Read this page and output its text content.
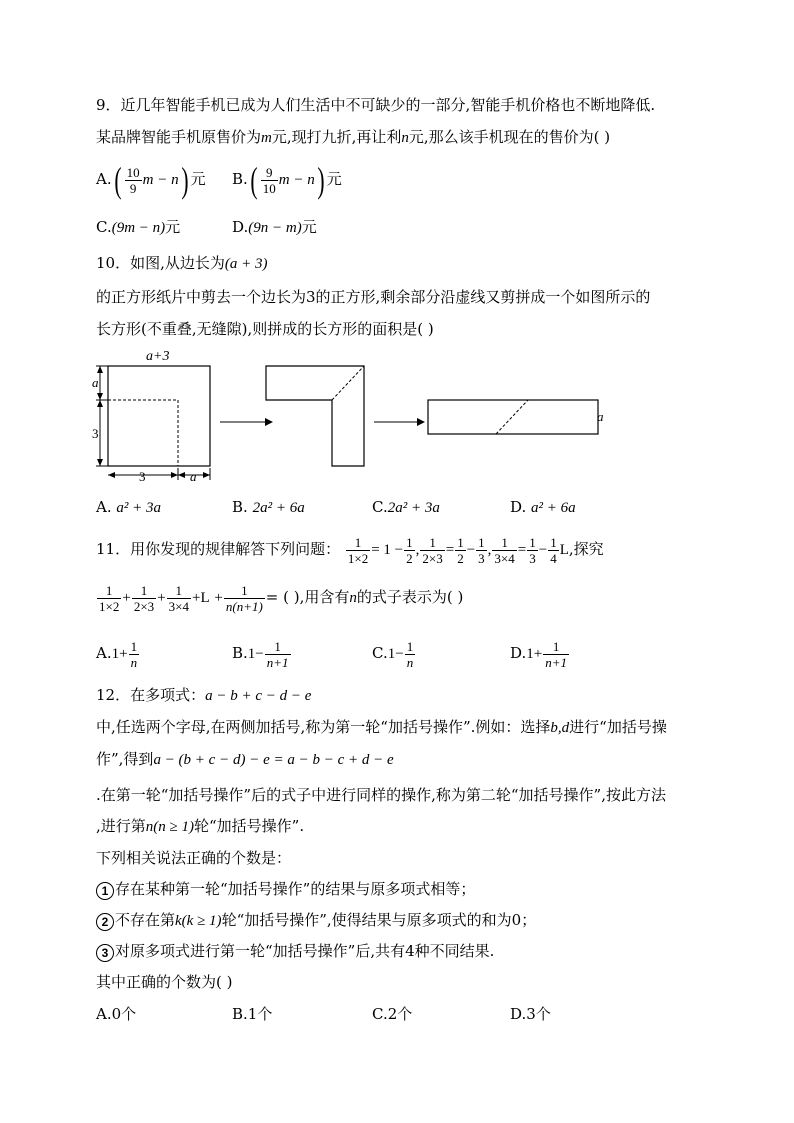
9．近几年智能手机已成为人们生活中不可缺少的一部分,智能手机价格也不断地降低.
某品牌智能手机原售价为m元,现打九折,再让利n元,那么该手机现在的售价为( )
$A.( \frac{10}{9}$ m − n) 元 $B.( \frac{9}{10}$ m − n) 元
C.(9m − n)元	D.(9n − m)元
10．如图,从边长为(a + 3)
的正方形纸片中剪去一个边长为3的正方形,剩余部分沿虚线又剪拼成一个如图所示的
长方形(不重叠,无缝隙),则拼成的长方形的面积是( )
a+3
a
3
3	a
a
A. a² + 3a	B. 2a² + 6a	C.2a² + 3a	D. a² + 6a
11．用你发现的规律解答下列问题： $\frac{1}{1\times 2} = 1 - \frac{1}{2}$ , $\frac{1}{2\times 3} = \frac{1}{2} - \frac{1}{3}$ , $\frac{1}{3\times 4} = \frac{1}{3} - \frac{1}{4} L$,探究
$\frac{1}{1\times 2} + \frac{1}{2\times 3} + \frac{1}{3\times 4} +L + \frac{1}{n(n+1)}$ = ( ),用含有n的式子表示为( )
$A.1+ \frac{1}{n}$	$B.1- \frac{1}{n+1}$	$C.1- \frac{1}{n}$	$D.1+ \frac{1}{n+1}$
12．在多项式：a − b + c − d − e
中,任选两个字母,在两侧加括号,称为第一轮“加括号操作”.例如：选择b,d进行“加括号操
作”,得到a − (b + c − d) − e = a − b − c + d − e
.在第一轮“加括号操作”后的式子中进行同样的操作,称为第二轮“加括号操作”,按此方法
,进行第n(n ≥ 1)轮“加括号操作”.
下列相关说法正确的个数是：
1 存在某种第一轮“加括号操作”的结果与原多项式相等；
2 不存在第k(k ≥ 1)轮“加括号操作”,使得结果与原多项式的和为0；
3 对原多项式进行第一轮“加括号操作”后,共有4种不同结果.
其中正确的个数为( )
A.0个	B.1个	C.2个	D.3个
